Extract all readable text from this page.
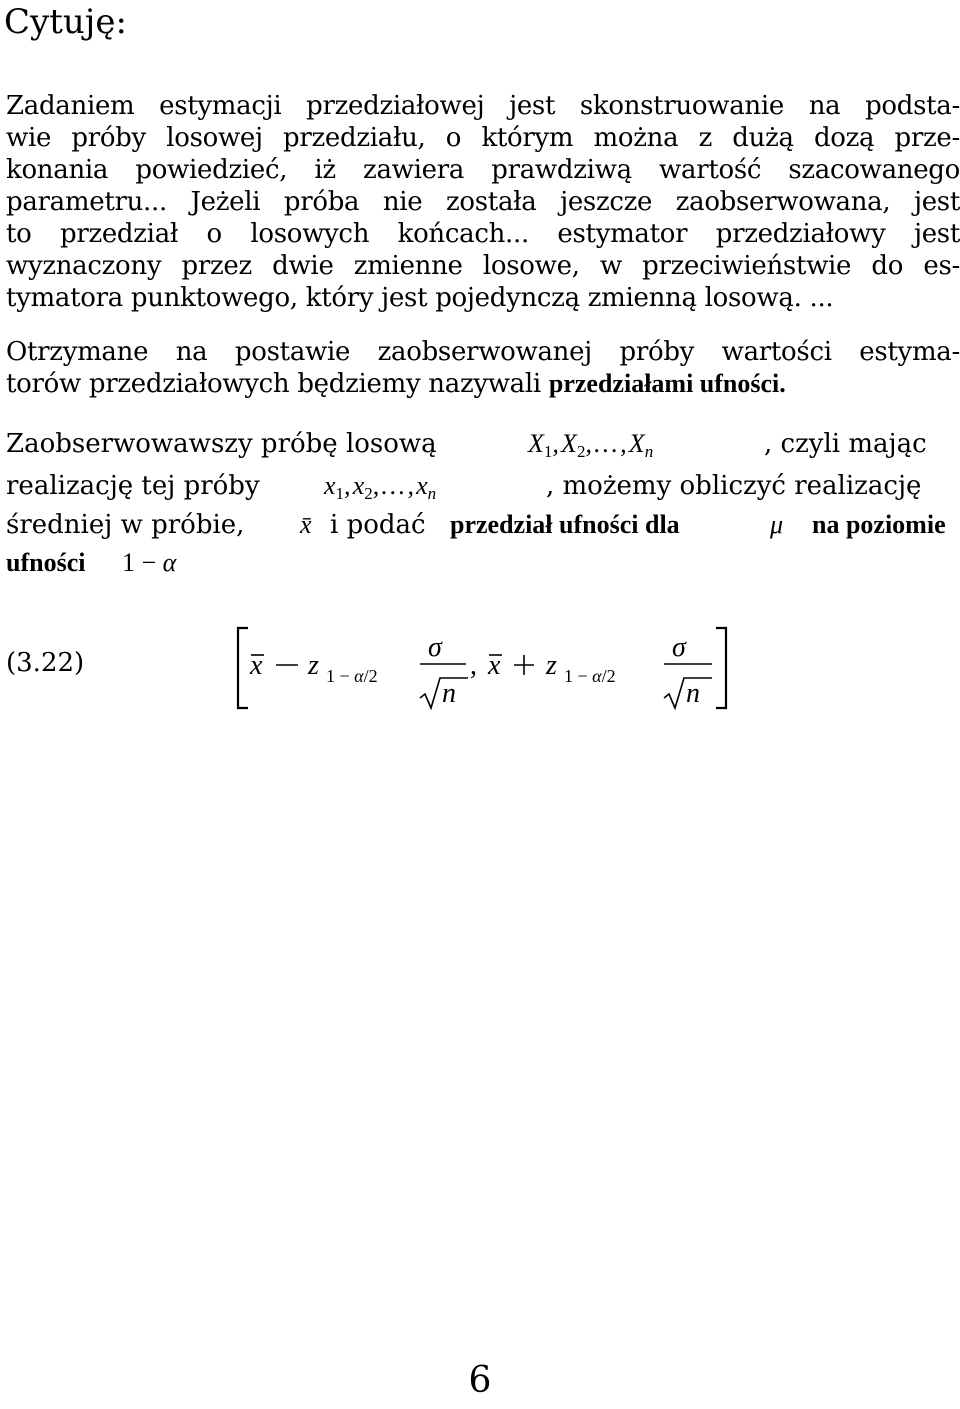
Cytuję:
Zadaniem estymacji przedziałowej jest skonstruowanie na podsta-
wie próby losowej przedziału, o którym można z dużą dozą prze-
konania powiedzieć, iż zawiera prawdziwą wartość szacowanego
parametru... Jeżeli próba nie została jeszcze zaobserwowana, jest
to przedział o losowych końcach... estymator przedziałowy jest
wyznaczony przez dwie zmienne losowe, w przeciwieństwie do es-
tymatora punktowego, który jest pojedynczą zmienną losową. ...
Otrzymane na postawie zaobserwowanej próby wartości estyma-
torów przedziałowych będziemy nazywali przedziałami ufności.
Zaobserwowawszy próbę losową	$X_1$, $X_2$, . . . , Xn	, czyli mając
realizację tej próby $x_1$, $x_2$, . . . , xn	, możemy obliczyć realizację
średniej w próbie, x̄ i podać przedział ufności dla	μ na poziomie
ufności 1 − α
(3.22)	x z 1 − α/2
σ
n
, x z 1 − α/2
σ
n
6
